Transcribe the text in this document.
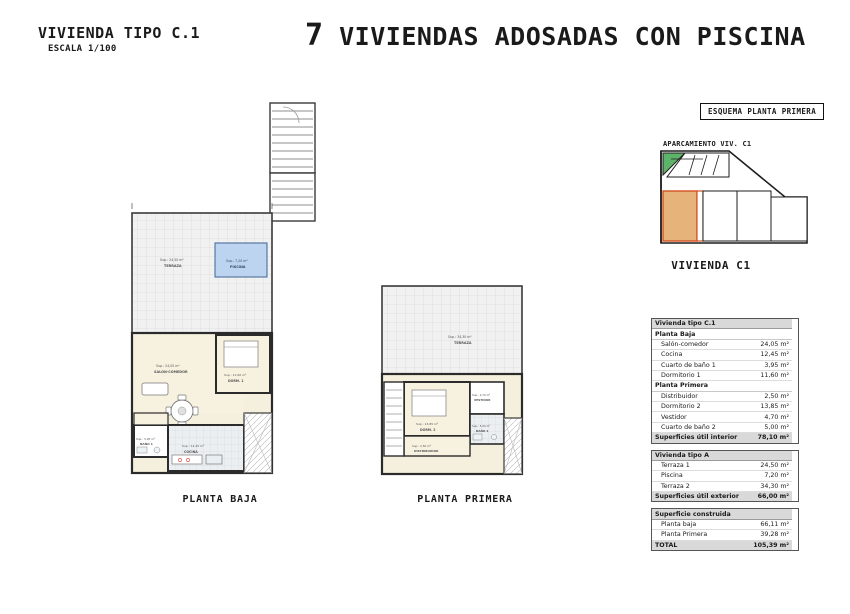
VIVIENDA TIPO C.1
ESCALA 1/100	7 VIVIENDAS ADOSADAS CON PISCINA
Sup.: 7,20 m²
PISCINA
Sup.: 24,50 m²
TERRAZA
Sup.: 24,05 m²
SALON-COMEDOR
Sup.: 11,60 m²
DORM. 1
Sup.: 12,45 m²
COCINA
Sup.: 3,95 m²
BAÑO 1
PLANTA BAJA
Sup.: 34,30 m²
TERRAZA
Sup.: 13,85 m²
DORM. 2
Sup.: 4,70 m²
VESTIDOR
Sup.: 5,00 m²
BAÑO 2
Sup.: 2,50 m²
DISTRIBUIDOR
PLANTA PRIMERA
ESQUEMA PLANTA PRIMERA
APARCAMIENTO VIV. C1
VIVIENDA C1
Vivienda tipo C.1	
Planta Baja	
Salón-comedor	24,05 m²
Cocina	12,45 m²
Cuarto de baño 1	3,95 m²
Dormitorio 1	11,60 m²
Planta Primera	
Distribuidor	2,50 m²
Dormitorio 2	13,85 m²
Vestidor	4,70 m²
Cuarto de baño 2	5,00 m²
Superficies útil interior	78,10 m²
Vivienda tipo A	
Terraza 1	24,50 m²
Piscina	7,20 m²
Terraza 2	34,30 m²
Superficies útil exterior	66,00 m²
Superficie construida	
Planta baja	66,11 m²
Planta Primera	39,28 m²
TOTAL	105,39 m²
